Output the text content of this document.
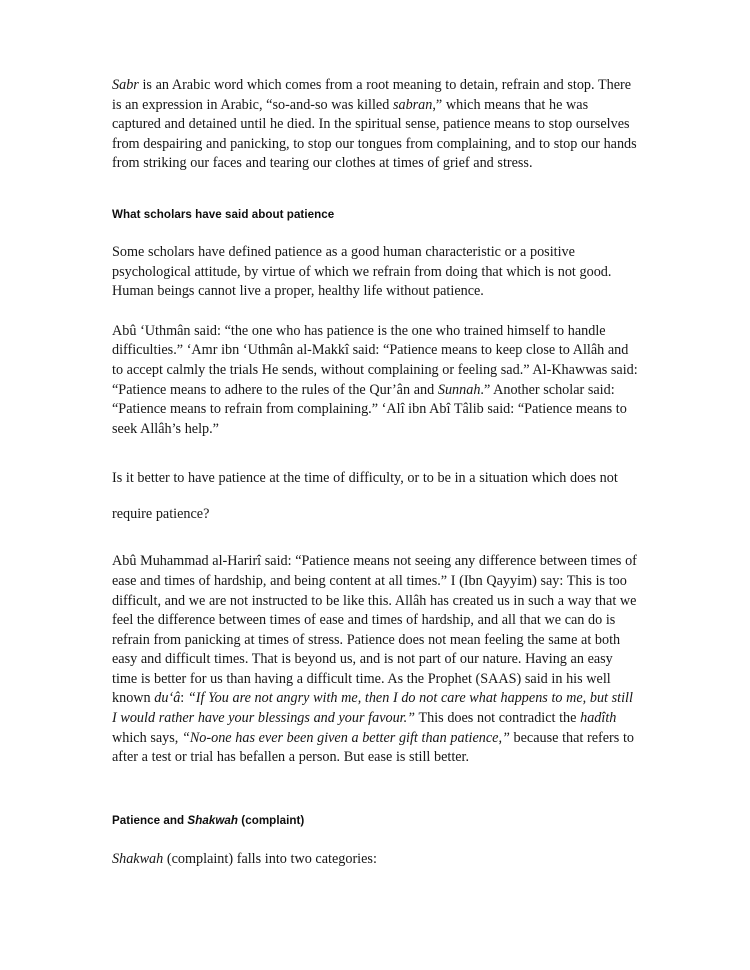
Sabr is an Arabic word which comes from a root meaning to detain, refrain and stop. There is an expression in Arabic, “so-and-so was killed sabran,” which means that he was captured and detained until he died. In the spiritual sense, patience means to stop ourselves from despairing and panicking, to stop our tongues from complaining, and to stop our hands from striking our faces and tearing our clothes at times of grief and stress.

What scholars have said about patience

Some scholars have defined patience as a good human characteristic or a positive psychological attitude, by virtue of which we refrain from doing that which is not good. Human beings cannot live a proper, healthy life without patience.

Abû ʻUthmân said: “the one who has patience is the one who trained himself to handle difficulties.” ʻAmr ibn ʻUthmân al-Makkî said: “Patience means to keep close to Allâh and to accept calmly the trials He sends, without complaining or feeling sad.” Al-Khawwas said: “Patience means to adhere to the rules of the Qur’ân and Sunnah.” Another scholar said: “Patience means to refrain from complaining.” ʻAlî ibn Abî Tâlib said: “Patience means to seek Allâh’s help.”

Is it better to have patience at the time of difficulty, or to be in a situation which does not require patience?

Abû Muhammad al-Harirî said: “Patience means not seeing any difference between times of ease and times of hardship, and being content at all times.” I (Ibn Qayyim) say: This is too difficult, and we are not instructed to be like this. Allâh has created us in such a way that we feel the difference between times of ease and times of hardship, and all that we can do is refrain from panicking at times of stress. Patience does not mean feeling the same at both easy and difficult times. That is beyond us, and is not part of our nature. Having an easy time is better for us than having a difficult time. As the Prophet (SAAS) said in his well known duʻâ: “If You are not angry with me, then I do not care what happens to me, but still I would rather have your blessings and your favour.” This does not contradict the hadîth which says, “No-one has ever been given a better gift than patience,” because that refers to after a test or trial has befallen a person. But ease is still better.

Patience and Shakwah (complaint)

Shakwah (complaint) falls into two categories:
